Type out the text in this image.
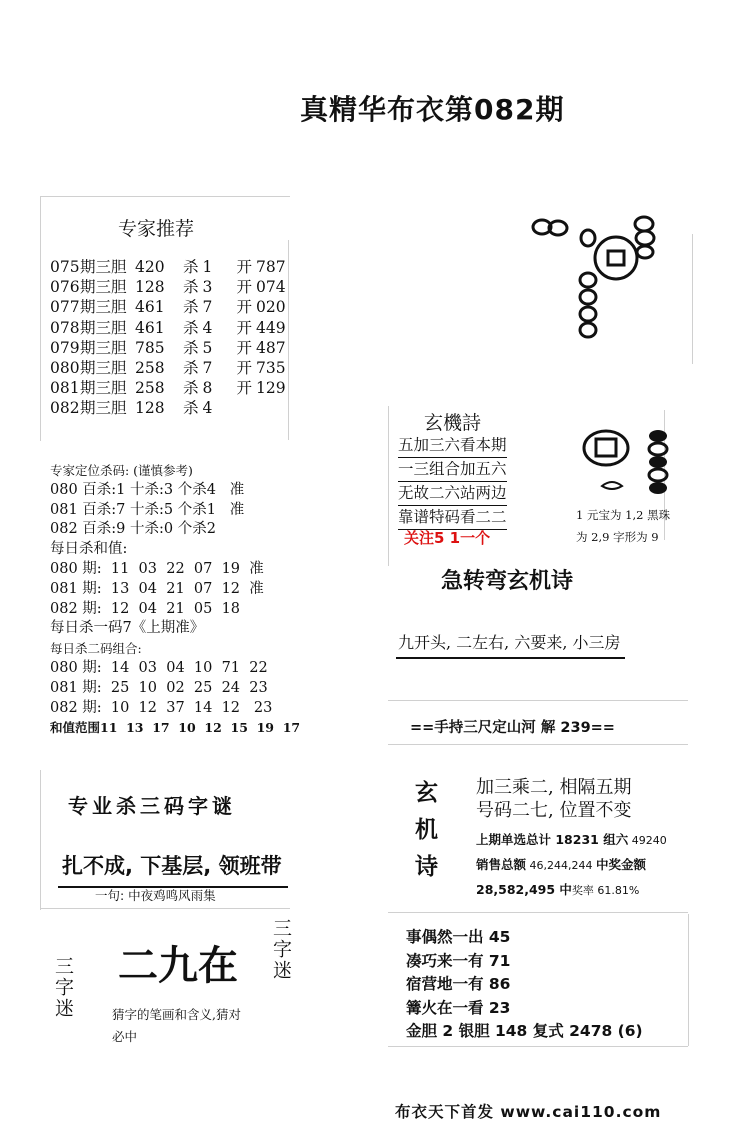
真精华布衣第082期
专家推荐
075期三胆 420 杀 1 开 787
076期三胆 128 杀 3 开 074
077期三胆 461 杀 7 开 020
078期三胆 461 杀 4 开 449
079期三胆 785 杀 5 开 487
080期三胆 258 杀 7 开 735
081期三胆 258 杀 8 开 129
082期三胆 128 杀 4
专家定位杀码: (谨慎参考)
080 百杀:1 十杀:3 个杀4   准
081 百杀:7 十杀:5 个杀1   准
082 百杀:9 十杀:0 个杀2
每日杀和值:
080 期:  11  03  22  07  19  准
081 期:  13  04  21  07  12  准
082 期:  12  04  21  05  18
每日杀一码7《上期准》
每日杀二码组合:
080 期:  14  03  04  10  71  22
081 期:  25  10  02  25  24  23
082 期:  10  12  37  14  12   23
和值范围11  13  17  10  12  15  19  17
专业杀三码字谜
扎不成, 下基层, 领班带
一句: 中夜鸡鸣风雨集
二九在
三字迷
三字迷
猜字的笔画和含义,猜对必中
玄機詩
五加三六看本期
一三组合加五六
无故二六站两边
靠谱特码看二二
关注5 1一个
1 元宝为 1,2 黑珠
为 2,9 字形为 9
急转弯玄机诗
九开头, 二左右, 六要来, 小三房
==手持三尺定山河 解 239==
玄机诗 加三乘二, 相隔五期
号码二七, 位置不变
上期单选总计 18231 组六 49240
销售总额 46,244,244 中奖金额
28,582,495 中奖率 61.81%
事偶然一出 45
凑巧来一有 71
宿营地一有 86
篝火在一看 23
金胆 2 银胆 148 复式 2478 (6)
布衣天下首发 www.cai110.com
